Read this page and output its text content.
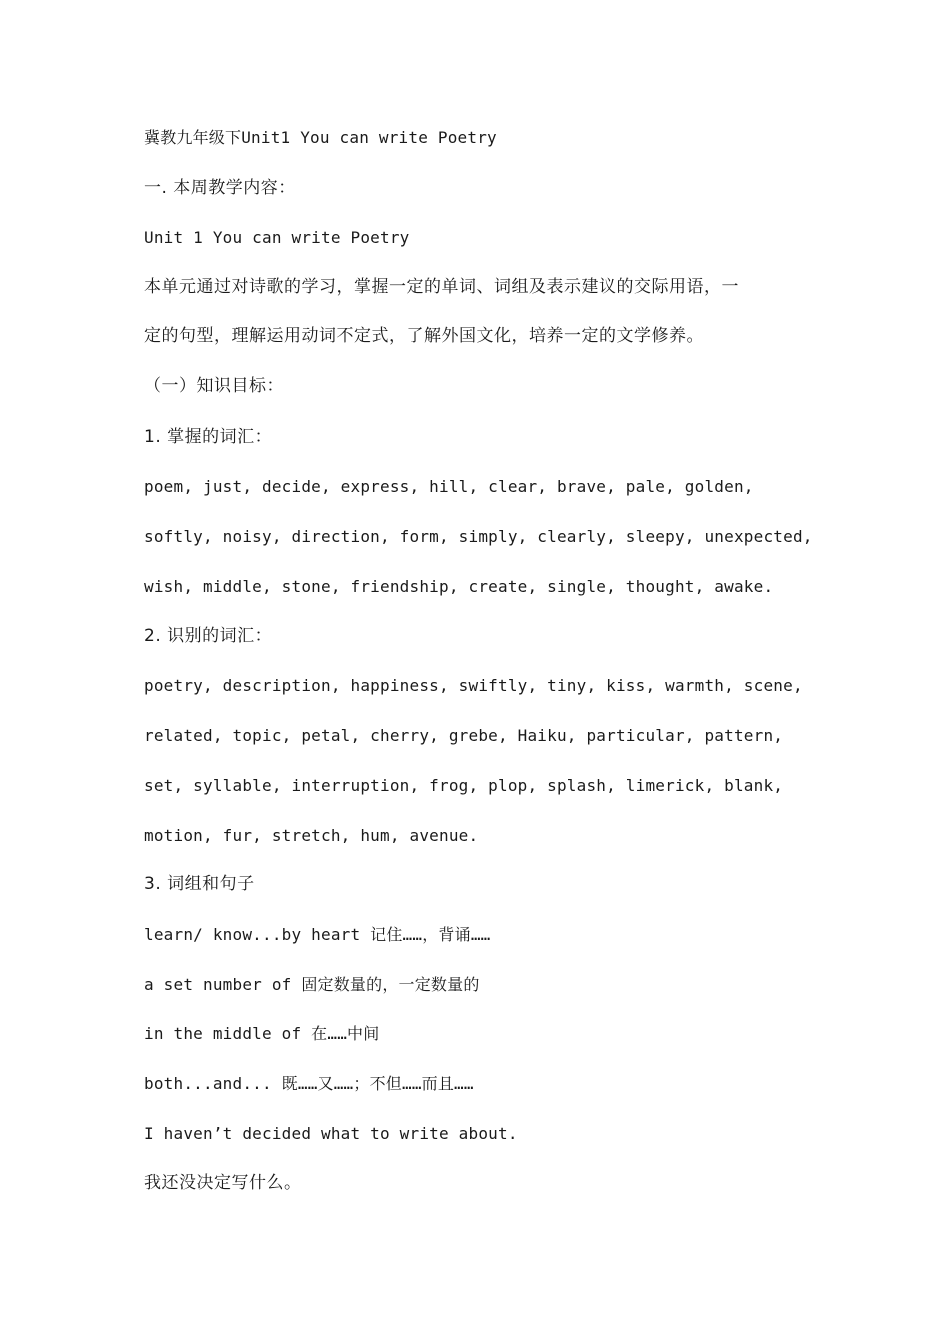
冀教九年级下Unit1 You can write Poetry
一. 本周教学内容：
Unit 1 You can write Poetry
本单元通过对诗歌的学习，掌握一定的单词、词组及表示建议的交际用语，一
定的句型，理解运用动词不定式，了解外国文化，培养一定的文学修养。
（一）知识目标：
1. 掌握的词汇：
poem, just, decide, express, hill, clear, brave, pale, golden,
softly, noisy, direction, form, simply, clearly, sleepy, unexpected,
wish, middle, stone, friendship, create, single, thought, awake.
2. 识别的词汇：
poetry, description, happiness, swiftly, tiny, kiss, warmth, scene,
related, topic, petal, cherry, grebe, Haiku, particular, pattern,
set, syllable, interruption, frog, plop, splash, limerick, blank,
motion, fur, stretch, hum, avenue.
3. 词组和句子
learn/ know...by heart 记住……，背诵……
a set number of 固定数量的，一定数量的
in the middle of 在……中间
both...and... 既……又……；不但……而且……
I haven’t decided what to write about.
我还没决定写什么。
